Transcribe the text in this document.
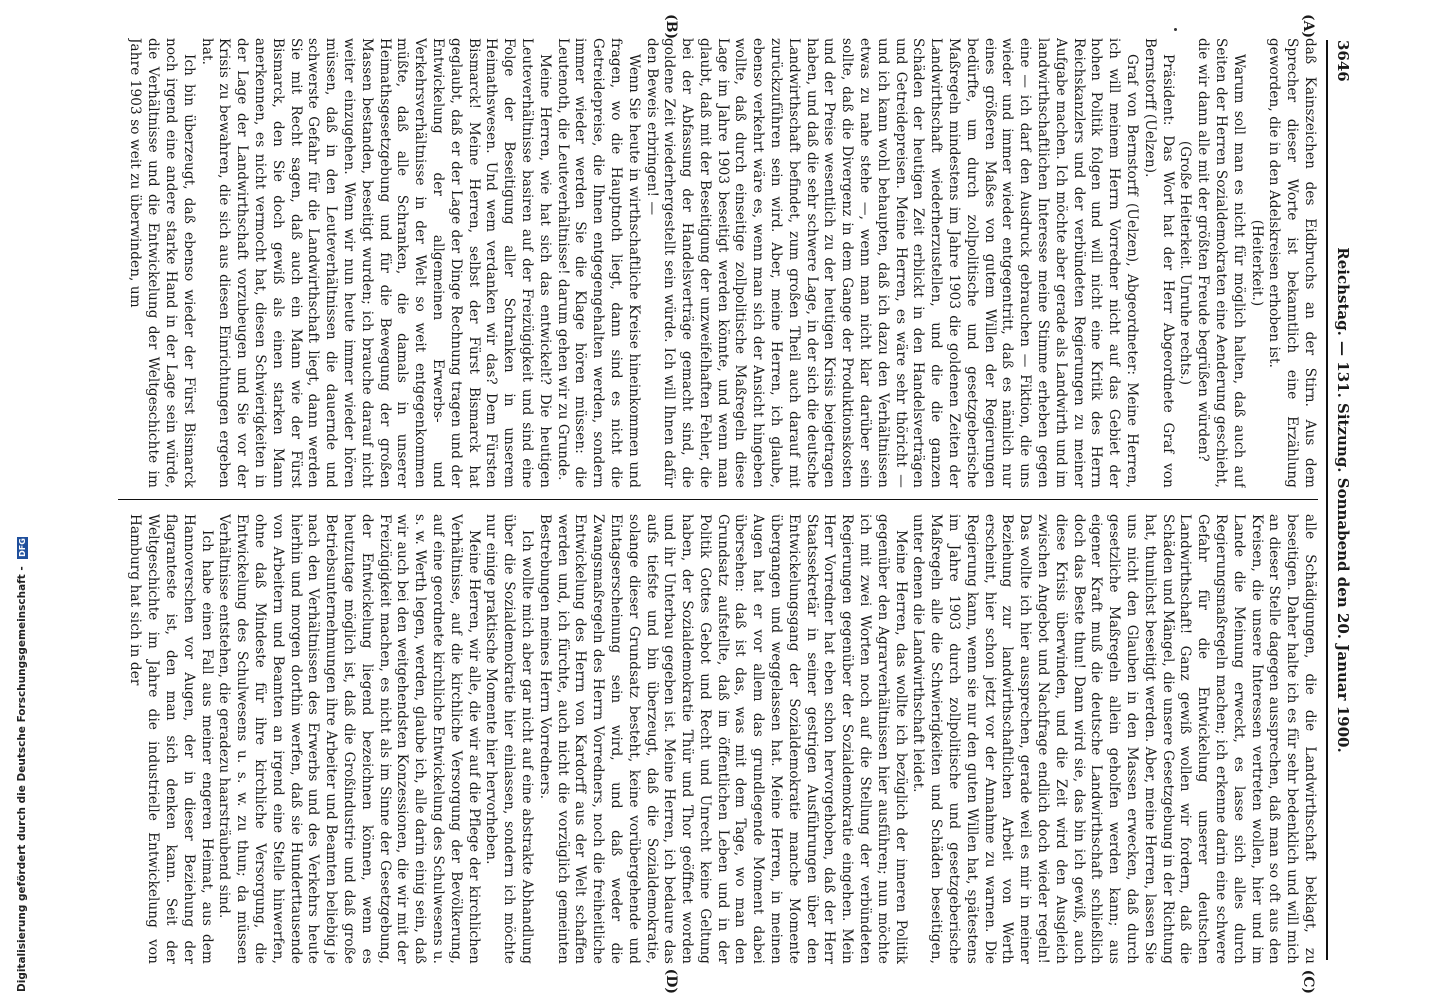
3646
Reichstag. — 131. Sitzung. Sonnabend den 20. Januar 1900.
(A)
(B)
(C)
(D)

daß Kainszeichen des Eidbruchs an der Stirn. Aus dem Sprecher dieser Worte ist bekanntlich eine Erzählung geworden, die in den Adelskreisen erhoben ist.

(Heiterkeit.)

Warum soll man es nicht für möglich halten, daß auch auf Seiten der Herren Sozialdemokraten eine Aenderung geschieht, die wir dann alle mit der größten Freude begrüßen würden?

(Große Heiterkeit. Unruhe rechts.)

Präsident: Das Wort hat der Herr Abgeordnete Graf von Bernstorff (Uelzen).

Graf von Bernstorff (Uelzen), Abgeordneter: Meine Herren, ich will meinem Herrn Vorredner nicht auf das Gebiet der hohen Politik folgen und will nicht eine Kritik des Herrn Reichskanzlers und der verbündeten Regierungen zu meiner Aufgabe machen. Ich möchte aber gerade als Landwirth und im landwirthschaftlichen Interesse meine Stimme erheben gegen eine — ich darf den Ausdruck gebrauchen — Fiktion, die uns wieder und immer wieder entgegentritt, daß es nämlich nur eines größeren Maßes von gutem Willen der Regierungen bedürfte, um durch zollpolitische und gesetzgeberische Maßregeln mindestens im Jahre 1903 die goldenen Zeiten der Landwirthschaft wiederherzustellen, und die die ganzen Schäden der heutigen Zeit erblickt in den Handelsverträgen und Getreidepreisen. Meine Herren, es wäre sehr thöricht — und ich kann wohl behaupten, daß ich dazu den Verhältnissen etwas zu nahe stehe —, wenn man nicht klar darüber sein sollte, daß die Divergenz in dem Gange der Produktionskosten und der Preise wesentlich zu der heutigen Krisis beigetragen haben, und daß die sehr schwere Lage, in der sich die deutsche Landwirthschaft befindet, zum großen Theil auch darauf mit zurückzuführen sein wird. Aber, meine Herren, ich glaube, ebenso verkehrt wäre es, wenn man sich der Ansicht hingeben wollte, daß durch einseitige zollpolitische Maßregeln diese Lage im Jahre 1903 beseitigt werden könnte, und wenn man glaubt, daß mit der Beseitigung der unzweifelhaften Fehler, die bei der Abfassung der Handelsverträge gemacht sind, die goldene Zeit wiederhergestellt sein würde. Ich will Ihnen dafür den Beweis erbringen! —

Wenn Sie heute in wirthschaftliche Kreise hineinkommen und fragen, wo die Hauptnoth liegt, dann sind es nicht die Getreidepreise, die Ihnen entgegengehalten werden, sondern immer wieder werden Sie die Klage hören müssen: die Leutenoth, die Leuteverhältnisse! darum gehen wir zu Grunde.

Meine Herren, wie hat sich das entwickelt? Die heutigen Leuteverhältnisse basiren auf der Freizügigkeit und sind eine Folge der Beseitigung aller Schranken in unserem Heimathswesen. Und wem verdanken wir das? Dem Fürsten Bismarck! Meine Herren, selbst der Fürst Bismarck hat geglaubt, daß er der Lage der Dinge Rechnung tragen und der Entwickelung der allgemeinen Erwerbs- und Verkehrsverhältnisse in der Welt so weit entgegenkommen müßte, daß alle Schranken, die damals in unserer Heimathsgesetzgebung und für die Bewegung der großen Massen bestanden, beseitigt wurden; ich brauche darauf nicht weiter einzugehen. Wenn wir nun heute immer wieder hören müssen, daß in den Leuteverhältnissen die dauernde und schwerste Gefahr für die Landwirthschaft liegt, dann werden Sie mit Recht sagen, daß auch ein Mann wie der Fürst Bismarck, den Sie doch gewiß als einen starken Mann anerkennen, es nicht vermocht hat, diesen Schwierigkeiten in der Lage der Landwirthschaft vorzubeugen und Sie vor der Krisis zu bewahren, die sich aus diesen Einrichtungen ergeben hat.

Ich bin überzeugt, daß ebenso wieder der Fürst Bismarck noch irgend eine andere starke Hand in der Lage sein würde, die Verhältnisse und die Entwickelung der Weltgeschichte im Jahre 1903 so weit zu überwinden, um

alle Schädigungen, die die Landwirthschaft beklagt, zu beseitigen. Daher halte ich es für sehr bedenklich und will mich an dieser Stelle dagegen aussprechen, daß man so oft aus den Kreisen, die unsere Interessen vertreten wollen, hier und im Lande die Meinung erweckt, es lasse sich alles durch Regierungsmaßregeln machen; ich erkenne darin eine schwere Gefahr für die Entwickelung unserer deutschen Landwirthschaft! Ganz gewiß wollen wir fordern, daß die Schäden und Mängel, die unsere Gesetzgebung in der Richtung hat, thunlichst beseitigt werden. Aber, meine Herren, lassen Sie uns nicht den Glauben in den Massen erwecken, daß durch gesetzliche Maßregeln allein geholfen werden kann; aus eigener Kraft muß die deutsche Landwirthschaft schließlich doch das Beste thun! Dann wird sie, das bin ich gewiß, auch diese Krisis überwinden, und die Zeit wird den Ausgleich zwischen Angebot und Nachfrage endlich doch wieder regeln! Das wollte ich hier aussprechen, gerade weil es mir in meiner Beziehung zur landwirthschaftlichen Arbeit von Werth erscheint, hier schon jetzt vor der Annahme zu warnen. Die Regierung kann, wenn sie nur den guten Willen hat, spätestens im Jahre 1903 durch zollpolitische und gesetzgeberische Maßregeln alle die Schwierigkeiten und Schäden beseitigen, unter denen die Landwirthschaft leidet.

Meine Herren, das wollte ich bezüglich der inneren Politik gegenüber den Agrarverhältnissen hier ausführen; nun möchte ich mit zwei Worten noch auf die Stellung der verbündeten Regierungen gegenüber der Sozialdemokratie eingehen. Mein Herr Vorredner hat eben schon hervorgehoben, daß der Herr Staatssekretär in seiner gestrigen Ausführungen über den Entwickelungsgang der Sozialdemokratie manche Momente übergangen und weggelassen hat. Meine Herren, in meinen Augen hat er vor allem das grundlegende Moment dabei übersehen: daß ist das, was mit dem Tage, wo man den Grundsatz aufstellte, daß im öffentlichen Leben und in der Politik Gottes Gebot und Recht und Unrecht keine Geltung haben, der Sozialdemokratie Thür und Thor geöffnet worden und ihr Unterbau gegeben ist. Meine Herren, ich bedaure das aufs tiefste und bin überzeugt, daß die Sozialdemokratie, solange dieser Grundsatz besteht, keine vorübergehende und Eintagserscheinung sein wird, und daß weder die Zwangsmaßregeln des Herrn Vorredners, noch die freiheitliche Entwickelung des Herrn von Kardorff aus der Welt schaffen werden und, ich fürchte, auch nicht die vorzüglich gemeinten Bestrebungen meines Herrn Vorredners.

Ich wollte mich aber gar nicht auf eine abstrakte Abhandlung über die Sozialdemokratie hier einlassen, sondern ich möchte nur einige praktische Momente hier hervorheben.

Meine Herren, wir alle, die wir auf die Pflege der kirchlichen Verhältnisse, auf die kirchliche Versorgung der Bevölkerung, auf eine geordnete kirchliche Entwickelung des Schulwesens u. s. w. Werth legen, werden, glaube ich, alle darin einig sein, daß wir auch bei den weitgehendsten Konzessionen, die wir mit der Freizügigkeit machen, es nicht als im Sinne der Gesetzgebung, der Entwickelung liegend bezeichnen können, wenn es heutzutage möglich ist, daß die Großindustrie und daß große Betriebsunternehmungen ihre Arbeiter und Beamten beliebig je nach den Verhältnissen des Erwerbs und des Verkehrs heute hierhin und morgen dorthin werfen, daß sie Hunderttausende von Arbeitern und Beamten an irgend eine Stelle hinwerfen, ohne daß Mindeste für ihre kirchliche Versorgung, die Entwickelung des Schulwesens u. s. w. zu thun; da müssen Verhältnisse entstehen, die geradezu haarsträubend sind.

Ich habe einen Fall aus meiner engeren Heimat, aus dem Hannoverschen vor Augen, der in dieser Beziehung der flagranteste ist, den man sich denken kann. Seit der Weltgeschichte im Jahre die industrielle Entwickelung von Hamburg hat sich in der

Digitalisierung gefördert durch die Deutsche Forschungsgemeinschaft - DFG
